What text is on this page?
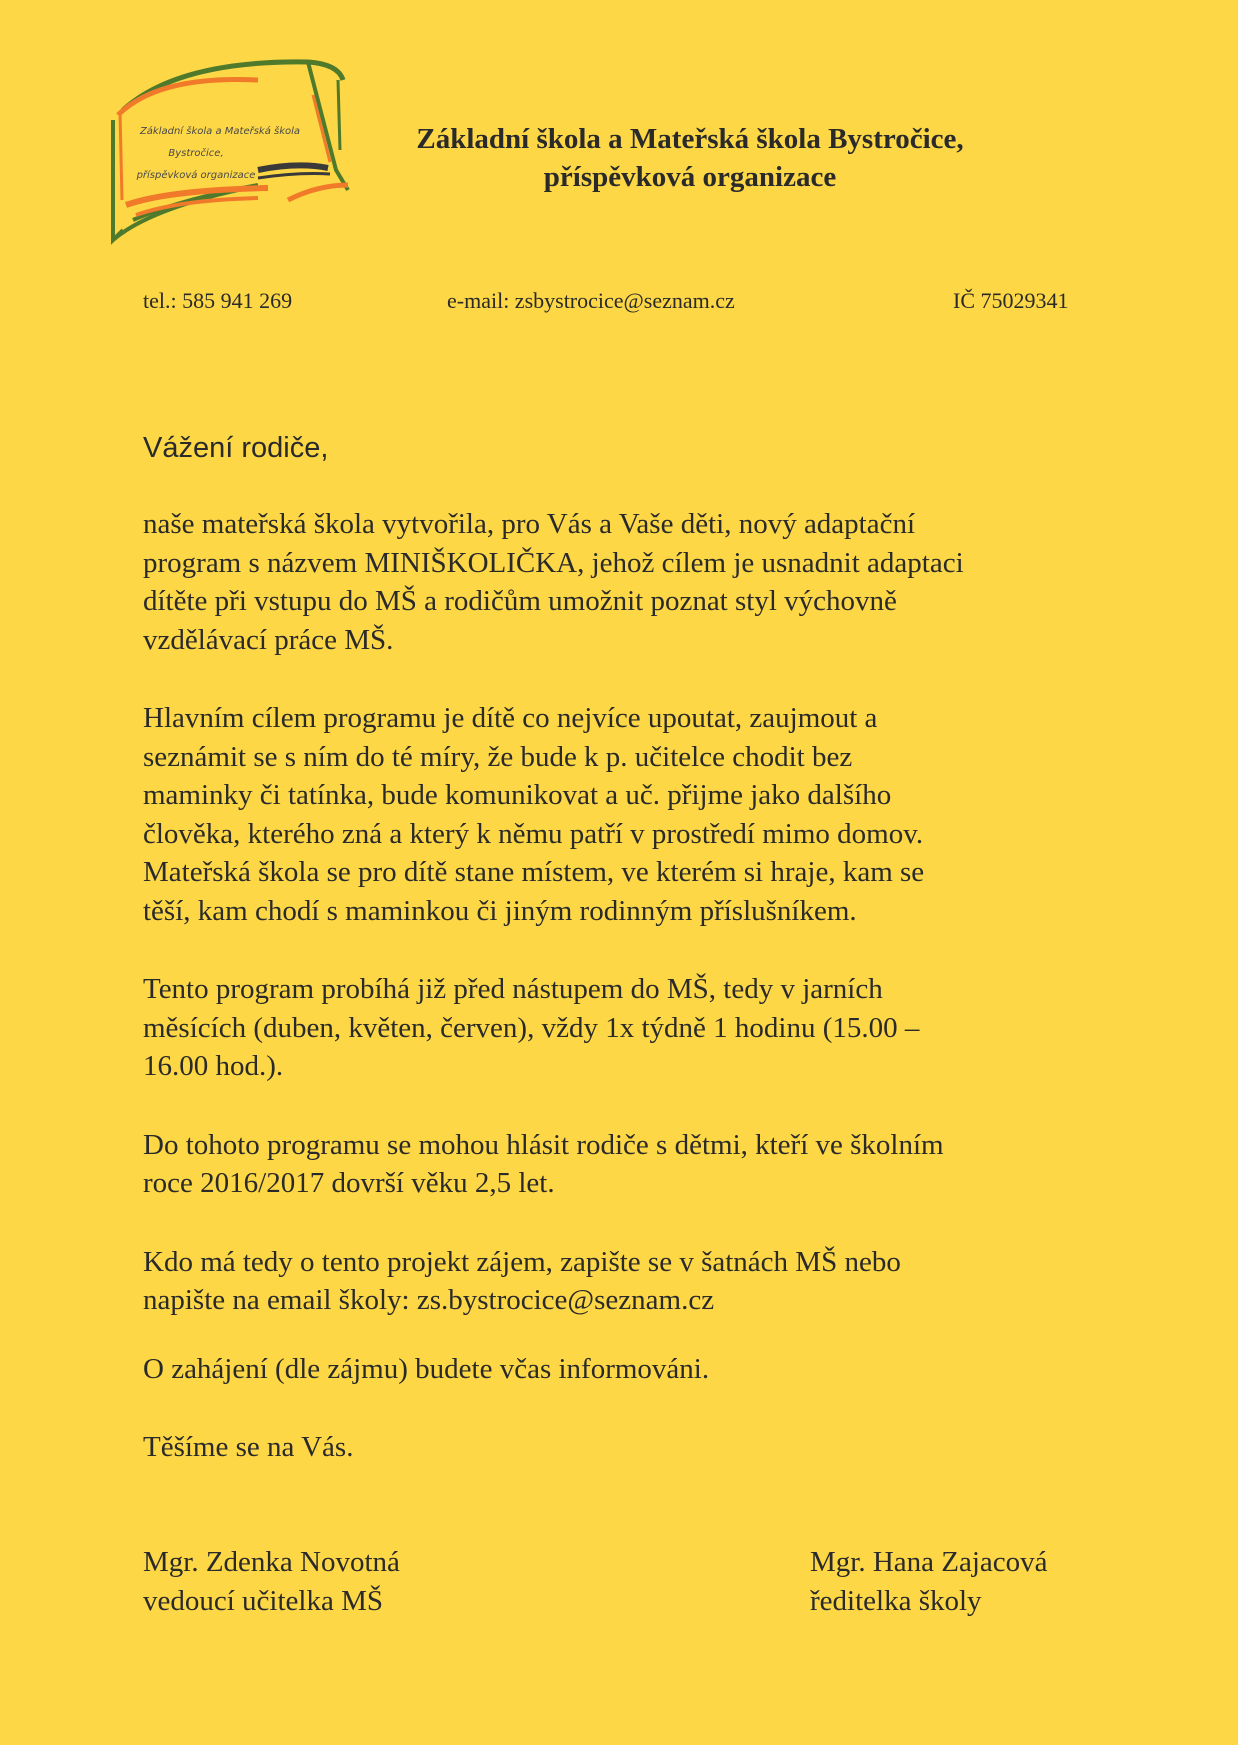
Základní škola a Mateřská škola
Bystročice,
příspěvková organizace
Základní škola a Mateřská škola Bystročice,
příspěvková organizace
tel.: 585 941 269	e-mail: zsbystrocice@seznam.cz	IČ 75029341
Vážení rodiče,

naše mateřská škola vytvořila, pro Vás a Vaše děti, nový adaptační
program s názvem MINIŠKOLIČKA, jehož cílem je usnadnit adaptaci
dítěte při vstupu do MŠ a rodičům umožnit poznat styl výchovně
vzdělávací práce MŠ.

Hlavním cílem programu je dítě co nejvíce upoutat, zaujmout a
seznámit se s ním do té míry, že bude k p. učitelce chodit bez
maminky či tatínka, bude komunikovat a uč. přijme jako dalšího
člověka, kterého zná a který k němu patří v prostředí mimo domov.
Mateřská škola se pro dítě stane místem, ve kterém si hraje, kam se
těší, kam chodí s maminkou či jiným rodinným příslušníkem.

Tento program probíhá již před nástupem do MŠ, tedy v jarních
měsících (duben, květen, červen), vždy 1x týdně 1 hodinu (15.00 –
16.00 hod.).

Do tohoto programu se mohou hlásit rodiče s dětmi, kteří ve školním
roce 2016/2017 dovrší věku 2,5 let.

Kdo má tedy o tento projekt zájem, zapište se v šatnách MŠ nebo
napište na email školy: zs.bystrocice@seznam.cz

O zahájení (dle zájmu) budete včas informováni.

Těšíme se na Vás.

Mgr. Zdenka Novotná
vedoucí učitelka MŠ
Mgr. Hana Zajacová
ředitelka školy
